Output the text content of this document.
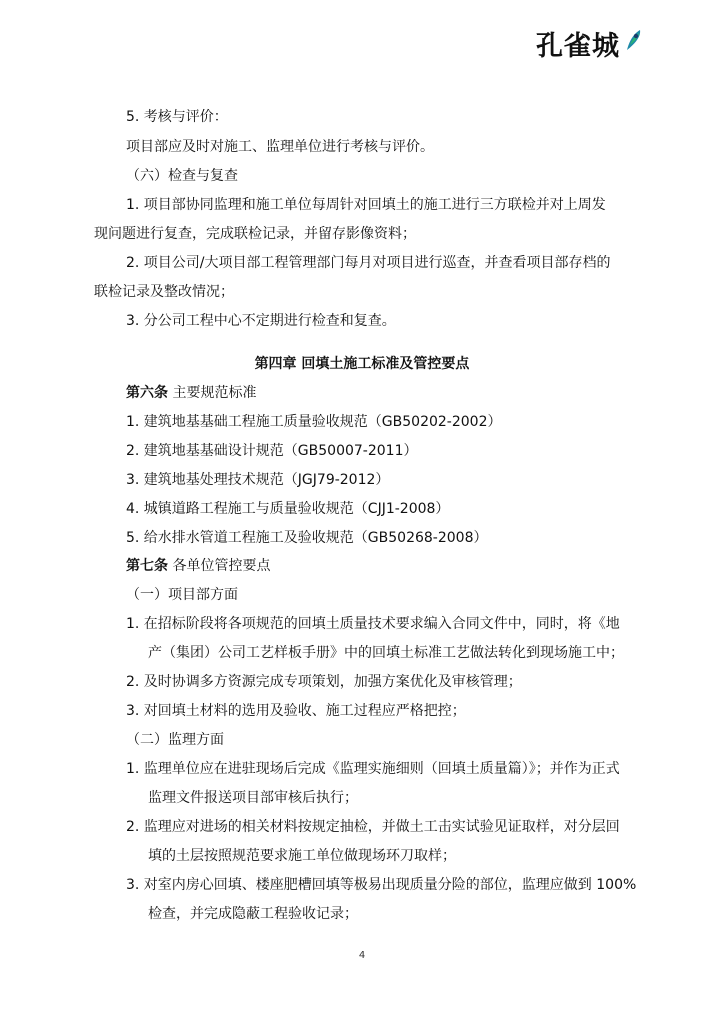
孔雀城
5. 考核与评价：
项目部应及时对施工、监理单位进行考核与评价。
（六）检查与复查
1. 项目部协同监理和施工单位每周针对回填土的施工进行三方联检并对上周发
现问题进行复查，完成联检记录，并留存影像资料；
2. 项目公司/大项目部工程管理部门每月对项目进行巡查，并查看项目部存档的
联检记录及整改情况；
3. 分公司工程中心不定期进行检查和复查。
第四章 回填土施工标准及管控要点
第六条 主要规范标准
1. 建筑地基基础工程施工质量验收规范（GB50202-2002）
2. 建筑地基基础设计规范（GB50007-2011）
3. 建筑地基处理技术规范（JGJ79-2012）
4. 城镇道路工程施工与质量验收规范（CJJ1-2008）
5. 给水排水管道工程施工及验收规范（GB50268-2008）
第七条 各单位管控要点
（一）项目部方面
1. 在招标阶段将各项规范的回填土质量技术要求编入合同文件中，同时，将《地
产（集团）公司工艺样板手册》中的回填土标准工艺做法转化到现场施工中；
2. 及时协调多方资源完成专项策划，加强方案优化及审核管理；
3. 对回填土材料的选用及验收、施工过程应严格把控；
（二）监理方面
1. 监理单位应在进驻现场后完成《监理实施细则（回填土质量篇）》；并作为正式
监理文件报送项目部审核后执行；
2. 监理应对进场的相关材料按规定抽检，并做土工击实试验见证取样，对分层回
填的土层按照规范要求施工单位做现场环刀取样；
3. 对室内房心回填、楼座肥槽回填等极易出现质量分险的部位，监理应做到 100%
检查，并完成隐蔽工程验收记录；
4
